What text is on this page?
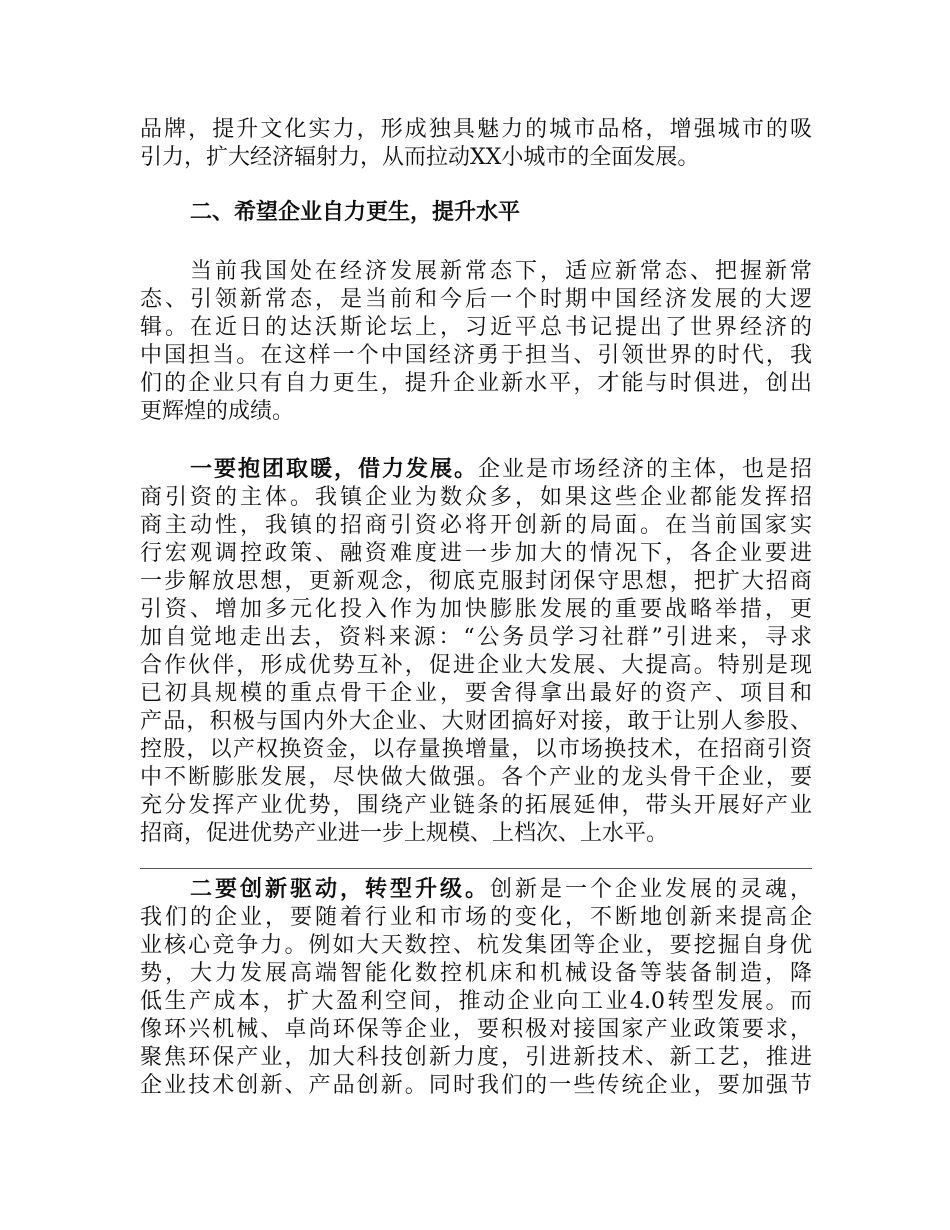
品牌，提升文化实力，形成独具魅力的城市品格，增强城市的吸
引力，扩大经济辐射力，从而拉动XX小城市的全面发展。
二、希望企业自力更生，提升水平
当前我国处在经济发展新常态下，适应新常态、把握新常
态、引领新常态，是当前和今后一个时期中国经济发展的大逻
辑。在近日的达沃斯论坛上，习近平总书记提出了世界经济的
中国担当。在这样一个中国经济勇于担当、引领世界的时代，我
们的企业只有自力更生，提升企业新水平，才能与时俱进，创出
更辉煌的成绩。
一要抱团取暖，借力发展。企业是市场经济的主体，也是招
商引资的主体。我镇企业为数众多，如果这些企业都能发挥招
商主动性，我镇的招商引资必将开创新的局面。在当前国家实
行宏观调控政策、融资难度进一步加大的情况下，各企业要进
一步解放思想，更新观念，彻底克服封闭保守思想，把扩大招商
引资、增加多元化投入作为加快膨胀发展的重要战略举措，更
加自觉地走出去，资料来源：“公务员学习社群”引进来，寻求
合作伙伴，形成优势互补，促进企业大发展、大提高。特别是现
已初具规模的重点骨干企业，要舍得拿出最好的资产、项目和
产品，积极与国内外大企业、大财团搞好对接，敢于让别人参股、
控股，以产权换资金，以存量换增量，以市场换技术，在招商引资
中不断膨胀发展，尽快做大做强。各个产业的龙头骨干企业，要
充分发挥产业优势，围绕产业链条的拓展延伸，带头开展好产业
招商，促进优势产业进一步上规模、上档次、上水平。
二要创新驱动，转型升级。创新是一个企业发展的灵魂，
我们的企业，要随着行业和市场的变化，不断地创新来提高企
业核心竞争力。例如大天数控、杭发集团等企业，要挖掘自身优
势，大力发展高端智能化数控机床和机械设备等装备制造，降
低生产成本，扩大盈利空间，推动企业向工业4.0转型发展。而
像环兴机械、卓尚环保等企业，要积极对接国家产业政策要求，
聚焦环保产业，加大科技创新力度，引进新技术、新工艺，推进
企业技术创新、产品创新。同时我们的一些传统企业，要加强节
